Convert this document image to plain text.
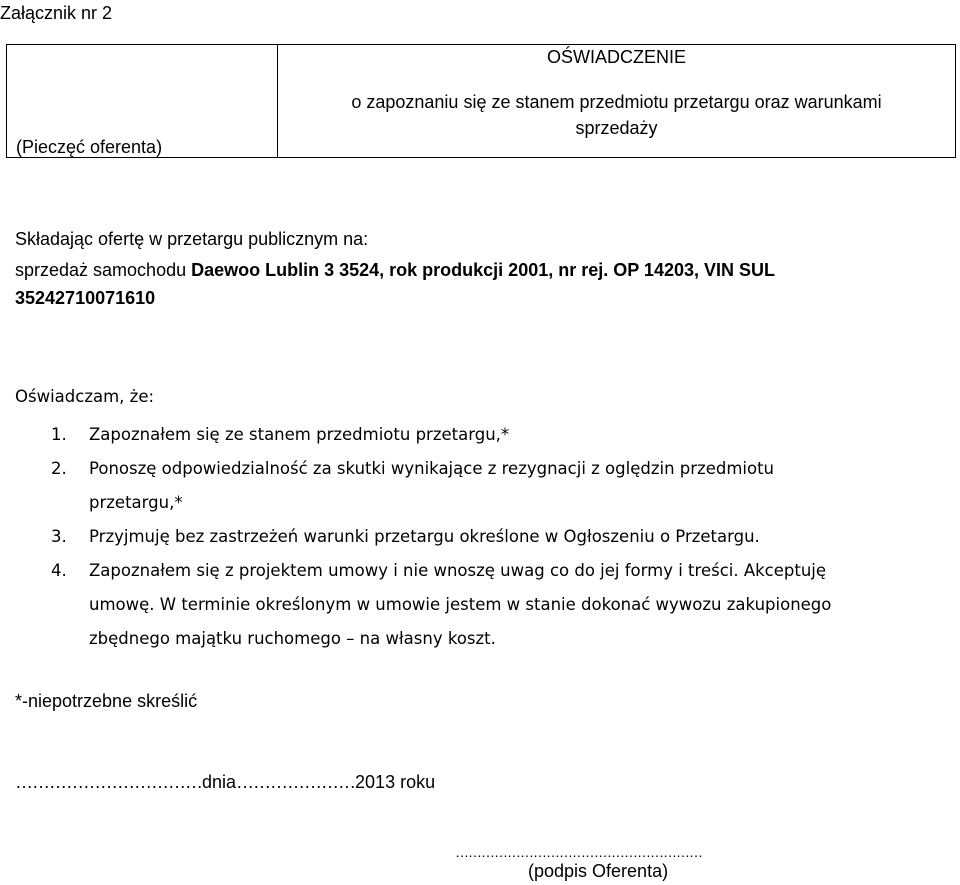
Załącznik nr 2
(Pieczęć oferenta)
OŚWIADCZENIE
o zapoznaniu się ze stanem przedmiotu przetargu oraz warunkami
sprzedaży
Składając ofertę w przetargu publicznym na:
sprzedaż samochodu Daewoo Lublin 3 3524, rok produkcji 2001, nr rej. OP 14203, VIN SUL
35242710071610
Oświadczam, że:
1. Zapoznałem się ze stanem przedmiotu przetargu,*
2. Ponoszę odpowiedzialność za skutki wynikające z rezygnacji z oględzin przedmiotu
przetargu,*
3. Przyjmuję bez zastrzeżeń warunki przetargu określone w Ogłoszeniu o Przetargu.
4. Zapoznałem się z projektem umowy i nie wnoszę uwag co do jej formy i treści. Akceptuję
umowę. W terminie określonym w umowie jestem w stanie dokonać wywozu zakupionego
zbędnego majątku ruchomego – na własny koszt.
*-niepotrzebne skreślić
……………………………dnia…………………2013 roku
…………………………………………………
(podpis Oferenta)
